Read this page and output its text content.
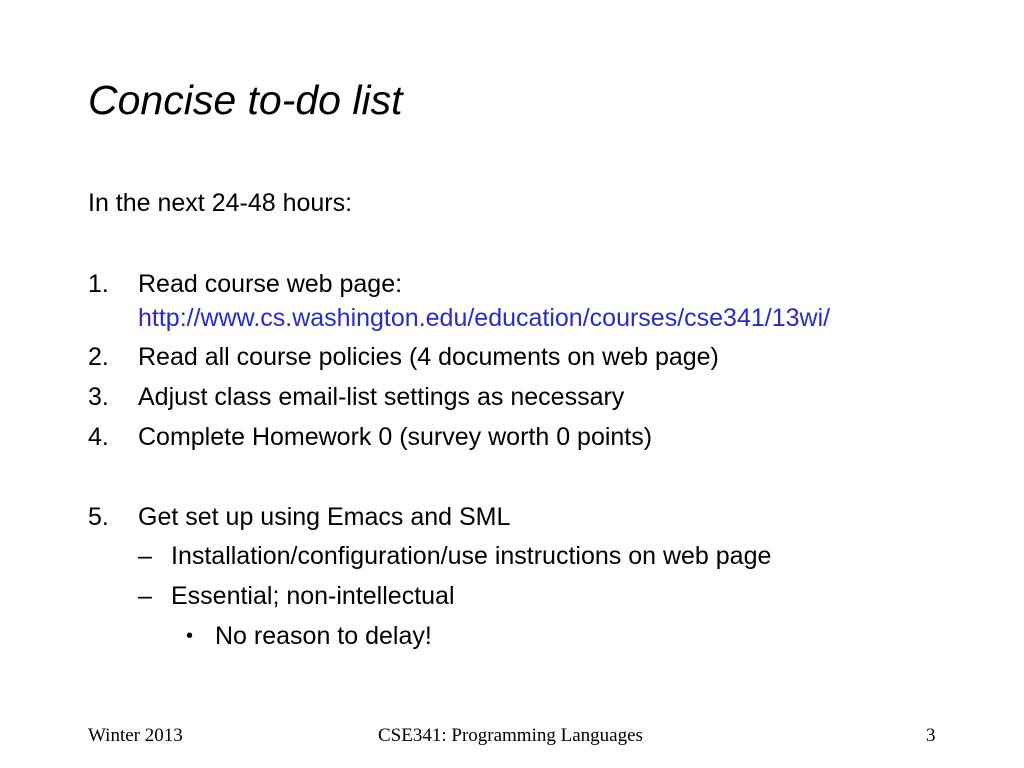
Concise to-do list
In the next 24-48 hours:
1. Read course web page:
http://www.cs.washington.edu/education/courses/cse341/13wi/
2. Read all course policies (4 documents on web page)
3. Adjust class email-list settings as necessary
4. Complete Homework 0 (survey worth 0 points)
5. Get set up using Emacs and SML
– Installation/configuration/use instructions on web page
– Essential; non-intellectual
• No reason to delay!
Winter 2013	CSE341: Programming Languages	3
